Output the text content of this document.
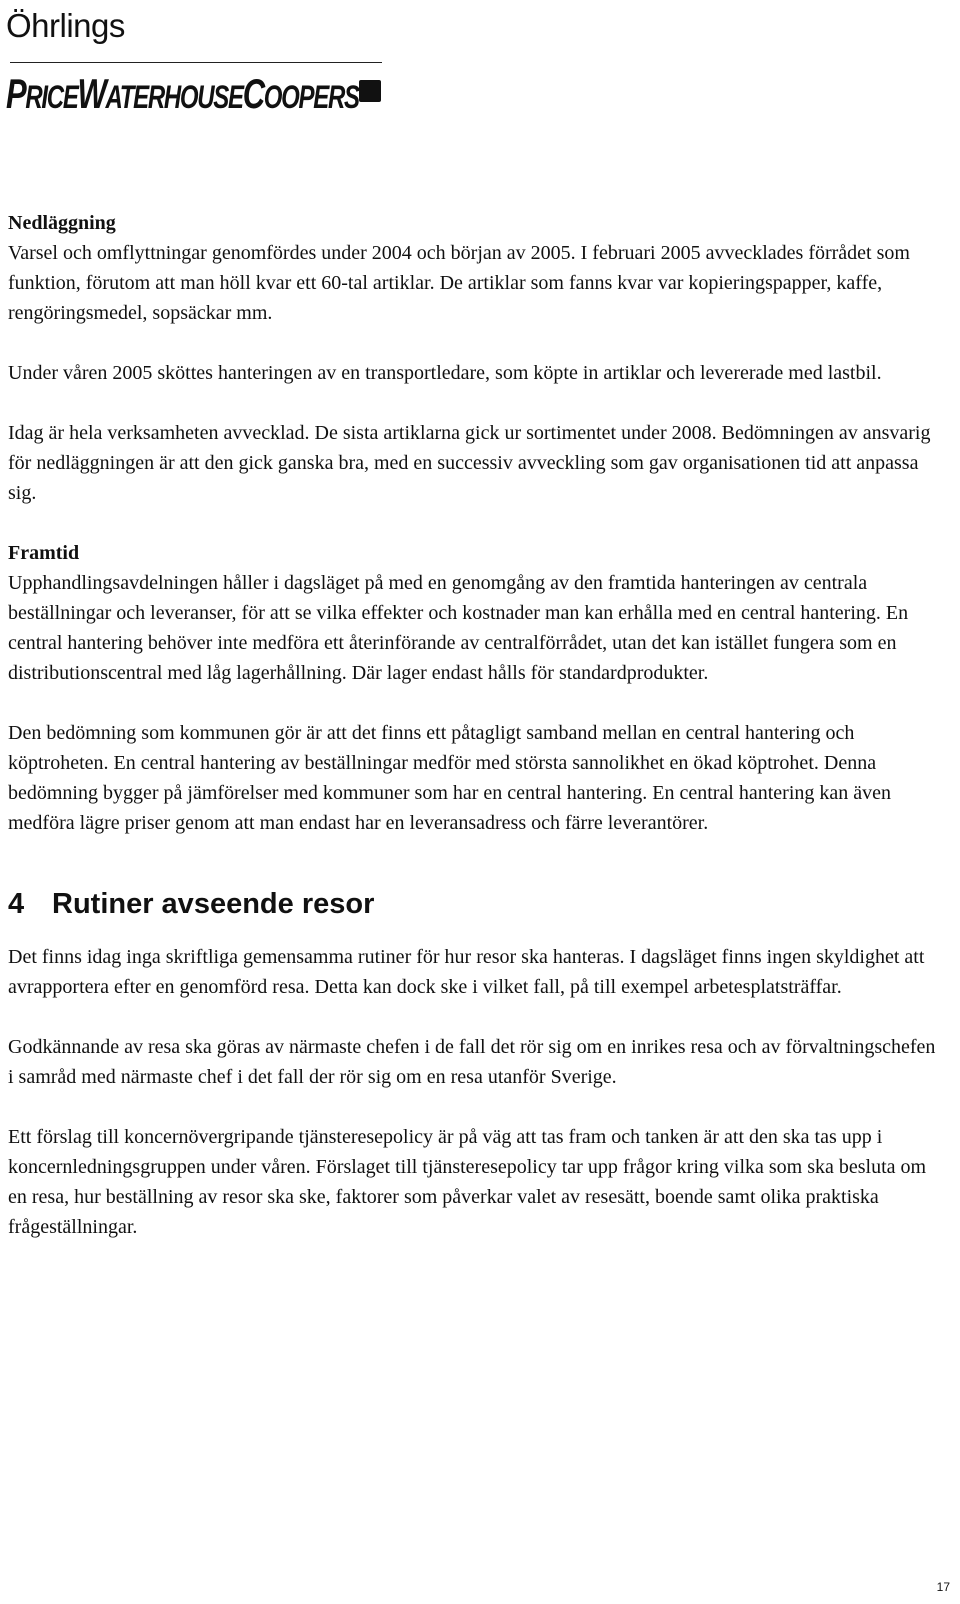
Öhrlings
PRICEWATERHOUSECOOPERS

Nedläggning
Varsel och omflyttningar genomfördes under 2004 och början av 2005. I februari 2005 avvecklades förrådet som funktion, förutom att man höll kvar ett 60-tal artiklar. De artiklar som fanns kvar var kopieringspapper, kaffe, rengöringsmedel, sopsäckar mm.

Under våren 2005 sköttes hanteringen av en transportledare, som köpte in artiklar och levererade med lastbil.

Idag är hela verksamheten avvecklad. De sista artiklarna gick ur sortimentet under 2008. Bedömningen av ansvarig för nedläggningen är att den gick ganska bra, med en successiv avveckling som gav organisationen tid att anpassa sig.

Framtid
Upphandlingsavdelningen håller i dagsläget på med en genomgång av den framtida hanteringen av centrala beställningar och leveranser, för att se vilka effekter och kostnader man kan erhålla med en central hantering. En central hantering behöver inte medföra ett återinförande av centralförrådet, utan det kan istället fungera som en distributionscentral med låg lagerhållning. Där lager endast hålls för standardprodukter.

Den bedömning som kommunen gör är att det finns ett påtagligt samband mellan en central hantering och köptroheten. En central hantering av beställningar medför med största sannolikhet en ökad köptrohet. Denna bedömning bygger på jämförelser med kommuner som har en central hantering. En central hantering kan även medföra lägre priser genom att man endast har en leveransadress och färre leverantörer.

4 Rutiner avseende resor

Det finns idag inga skriftliga gemensamma rutiner för hur resor ska hanteras. I dagsläget finns ingen skyldighet att avrapportera efter en genomförd resa. Detta kan dock ske i vilket fall, på till exempel arbetesplatsträffar.

Godkännande av resa ska göras av närmaste chefen i de fall det rör sig om en inrikes resa och av förvaltningschefen i samråd med närmaste chef i det fall der rör sig om en resa utanför Sverige.

Ett förslag till koncernövergripande tjänsteresepolicy är på väg att tas fram och tanken är att den ska tas upp i koncernledningsgruppen under våren. Förslaget till tjänsteresepolicy tar upp frågor kring vilka som ska besluta om en resa, hur beställning av resor ska ske, faktorer som påverkar valet av resesätt, boende samt olika praktiska frågeställningar.

17
